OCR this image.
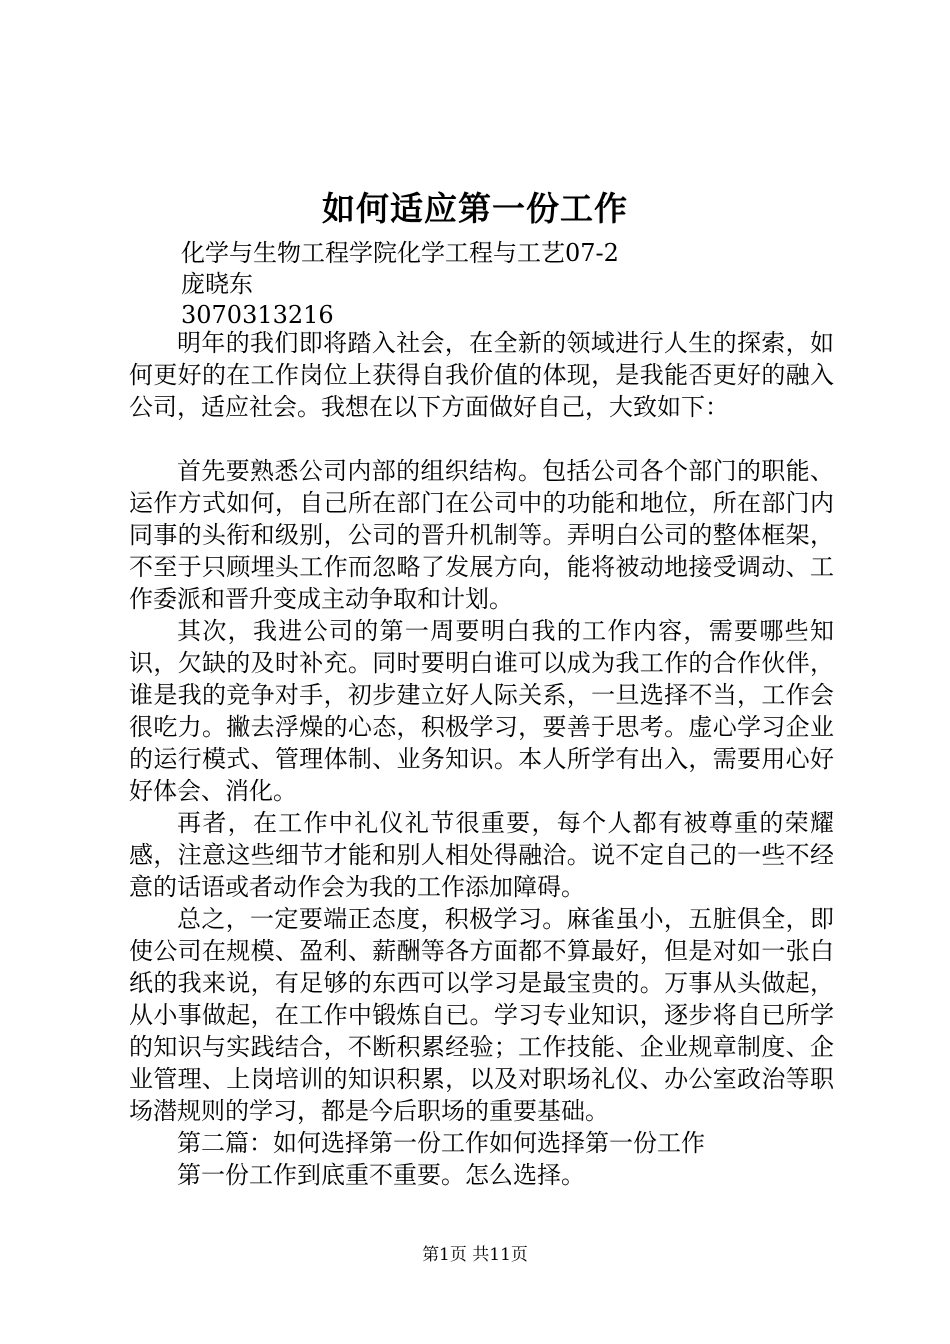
如何适应第一份工作
化学与生物工程学院化学工程与工艺07-2
庞晓东
3070313216

明年的我们即将踏入社会，在全新的领域进行人生的探索，如何更好的在工作岗位上获得自我价值的体现，是我能否更好的融入公司，适应社会。我想在以下方面做好自己，大致如下：

首先要熟悉公司内部的组织结构。包括公司各个部门的职能、运作方式如何，自己所在部门在公司中的功能和地位，所在部门内同事的头衔和级别，公司的晋升机制等。弄明白公司的整体框架，不至于只顾埋头工作而忽略了发展方向，能将被动地接受调动、工作委派和晋升变成主动争取和计划。

其次，我进公司的第一周要明白我的工作内容，需要哪些知识，欠缺的及时补充。同时要明白谁可以成为我工作的合作伙伴，谁是我的竞争对手，初步建立好人际关系，一旦选择不当，工作会很吃力。撇去浮燥的心态，积极学习，要善于思考。虚心学习企业的运行模式、管理体制、业务知识。本人所学有出入，需要用心好好体会、消化。

再者，在工作中礼仪礼节很重要，每个人都有被尊重的荣耀感，注意这些细节才能和别人相处得融洽。说不定自己的一些不经意的话语或者动作会为我的工作添加障碍。

总之，一定要端正态度，积极学习。麻雀虽小，五脏俱全，即使公司在规模、盈利、薪酬等各方面都不算最好，但是对如一张白纸的我来说，有足够的东西可以学习是最宝贵的。万事从头做起，从小事做起，在工作中锻炼自已。学习专业知识，逐步将自已所学的知识与实践结合，不断积累经验；工作技能、企业规章制度、企业管理、上岗培训的知识积累，以及对职场礼仪、办公室政治等职场潜规则的学习，都是今后职场的重要基础。

第二篇：如何选择第一份工作如何选择第一份工作

第一份工作到底重不重要。怎么选择。

第1页 共11页
